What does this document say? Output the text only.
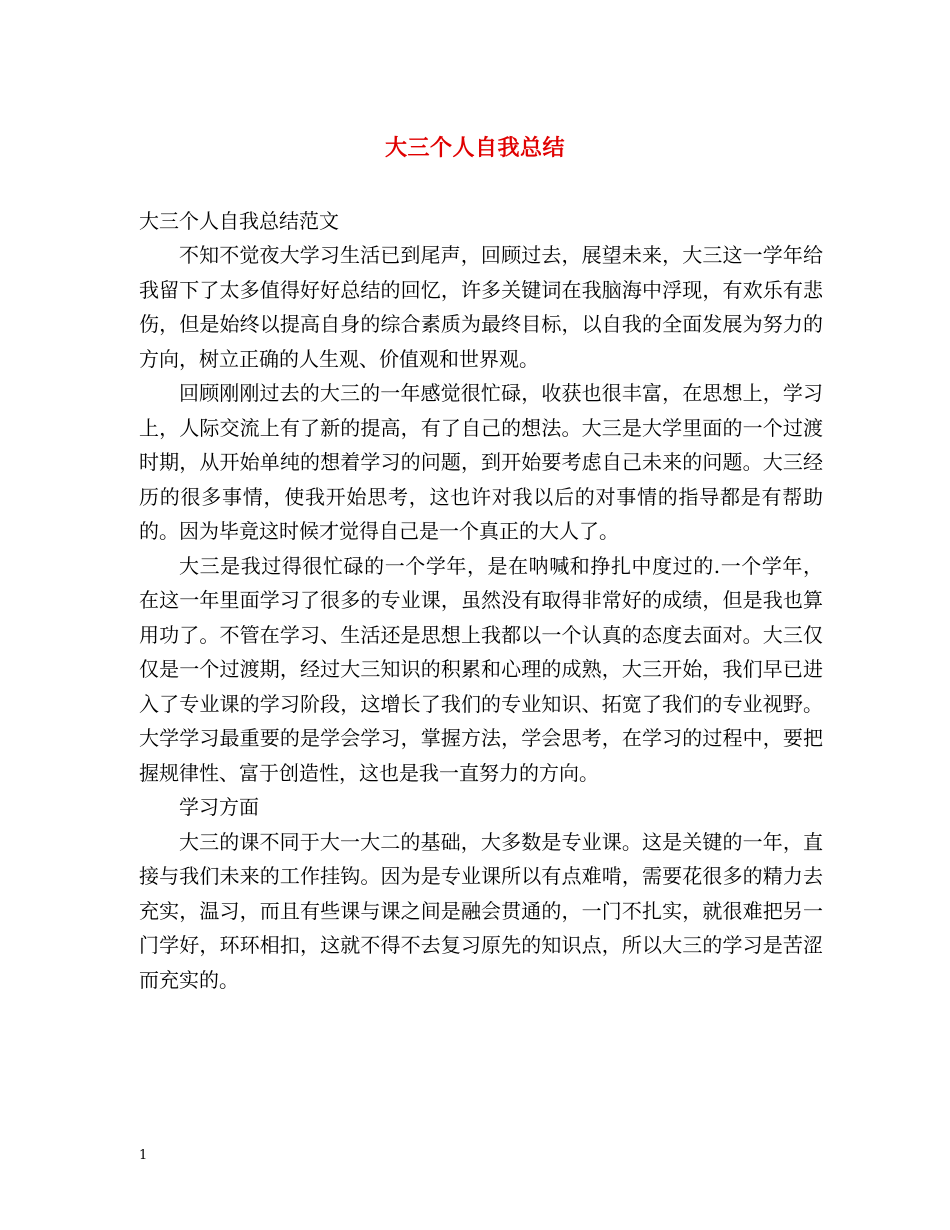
大三个人自我总结
大三个人自我总结范文

不知不觉夜大学习生活已到尾声，回顾过去，展望未来，大三这一学年给我留下了太多值得好好总结的回忆，许多关键词在我脑海中浮现，有欢乐有悲伤，但是始终以提高自身的综合素质为最终目标，以自我的全面发展为努力的方向，树立正确的人生观、价值观和世界观。

回顾刚刚过去的大三的一年感觉很忙碌，收获也很丰富，在思想上，学习上，人际交流上有了新的提高，有了自己的想法。大三是大学里面的一个过渡时期，从开始单纯的想着学习的问题，到开始要考虑自己未来的问题。大三经历的很多事情，使我开始思考，这也许对我以后的对事情的指导都是有帮助的。因为毕竟这时候才觉得自己是一个真正的大人了。

大三是我过得很忙碌的一个学年，是在呐喊和挣扎中度过的.一个学年，在这一年里面学习了很多的专业课，虽然没有取得非常好的成绩，但是我也算用功了。不管在学习、生活还是思想上我都以一个认真的态度去面对。大三仅仅是一个过渡期，经过大三知识的积累和心理的成熟，大三开始，我们早已进入了专业课的学习阶段，这增长了我们的专业知识、拓宽了我们的专业视野。大学学习最重要的是学会学习，掌握方法，学会思考，在学习的过程中，要把握规律性、富于创造性，这也是我一直努力的方向。

学习方面

大三的课不同于大一大二的基础，大多数是专业课。这是关键的一年，直接与我们未来的工作挂钩。因为是专业课所以有点难啃，需要花很多的精力去充实，温习，而且有些课与课之间是融会贯通的，一门不扎实，就很难把另一门学好，环环相扣，这就不得不去复习原先的知识点，所以大三的学习是苦涩而充实的。

1
